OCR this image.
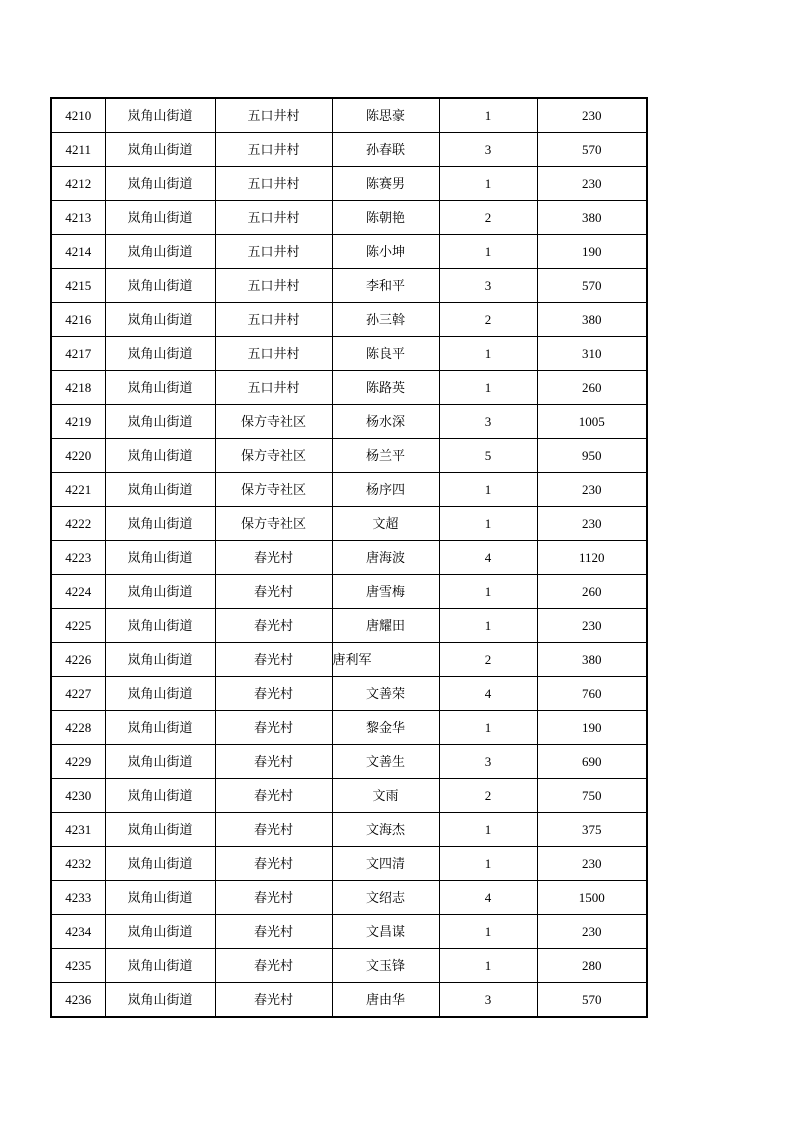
4210	岚角山街道	五口井村	陈思豪	1	230
4211	岚角山街道	五口井村	孙春联	3	570
4212	岚角山街道	五口井村	陈赛男	1	230
4213	岚角山街道	五口井村	陈朝艳	2	380
4214	岚角山街道	五口井村	陈小坤	1	190
4215	岚角山街道	五口井村	李和平	3	570
4216	岚角山街道	五口井村	孙三斡	2	380
4217	岚角山街道	五口井村	陈良平	1	310
4218	岚角山街道	五口井村	陈路英	1	260
4219	岚角山街道	保方寺社区	杨水深	3	1005
4220	岚角山街道	保方寺社区	杨兰平	5	950
4221	岚角山街道	保方寺社区	杨序四	1	230
4222	岚角山街道	保方寺社区	文超	1	230
4223	岚角山街道	春光村	唐海波	4	1120
4224	岚角山街道	春光村	唐雪梅	1	260
4225	岚角山街道	春光村	唐耀田	1	230
4226	岚角山街道	春光村	唐利军	2	380
4227	岚角山街道	春光村	文善荣	4	760
4228	岚角山街道	春光村	黎金华	1	190
4229	岚角山街道	春光村	文善生	3	690
4230	岚角山街道	春光村	文雨	2	750
4231	岚角山街道	春光村	文海杰	1	375
4232	岚角山街道	春光村	文四清	1	230
4233	岚角山街道	春光村	文绍志	4	1500
4234	岚角山街道	春光村	文昌谋	1	230
4235	岚角山街道	春光村	文玉锋	1	280
4236	岚角山街道	春光村	唐由华	3	570
